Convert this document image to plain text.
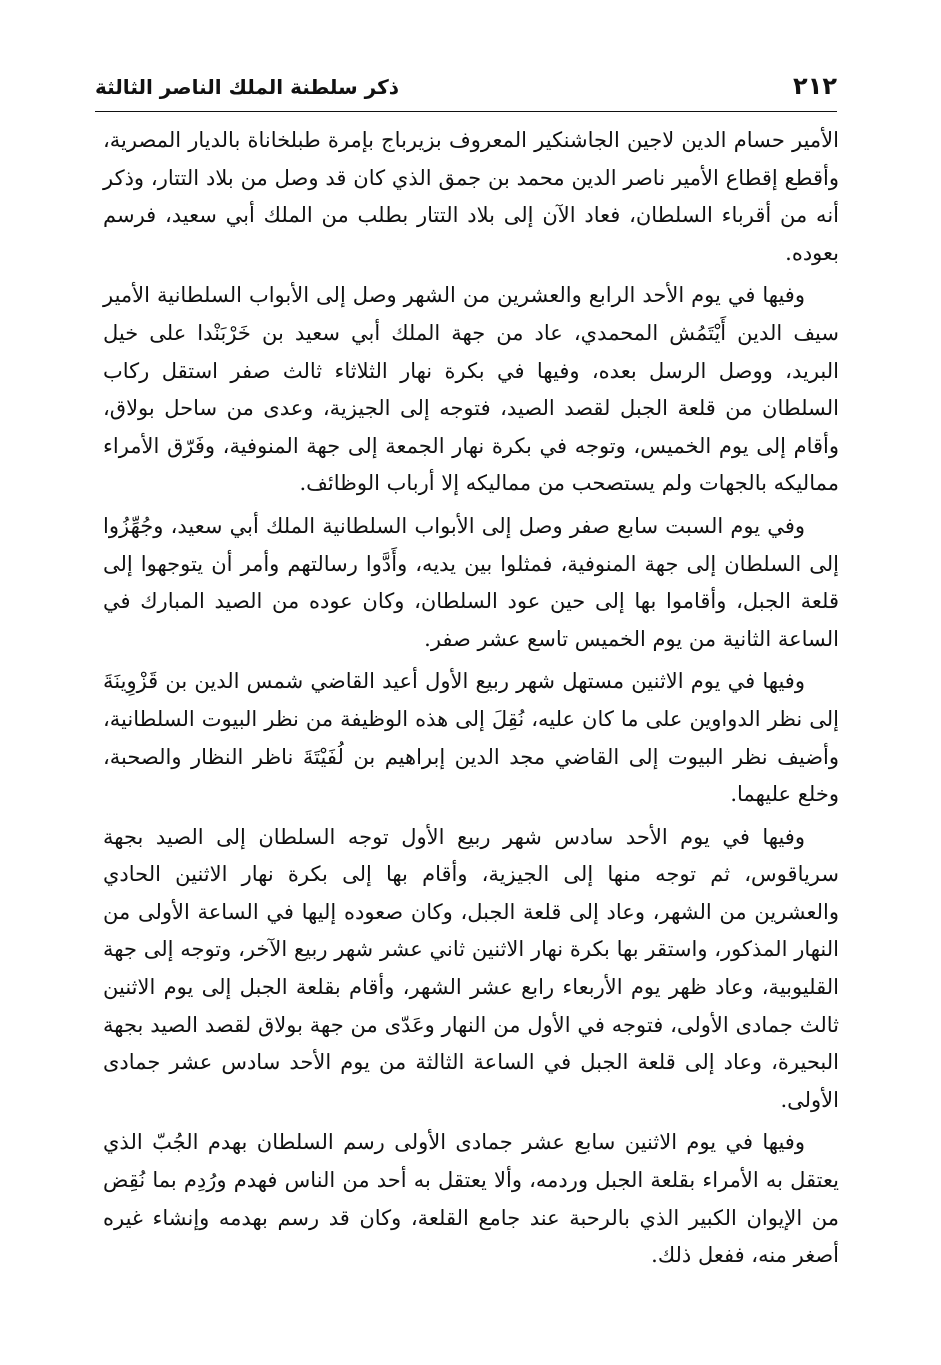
٢١٢
ذكر سلطنة الملك الناصر الثالثة

الأمير حسام الدين لاجين الجاشنكير المعروف بزيرباج بإمرة طبلخاناة بالديار المصرية، وأقطع إقطاع الأمير ناصر الدين محمد بن جمق الذي كان قد وصل من بلاد التتار، وذكر أنه من أقرباء السلطان، فعاد الآن إلى بلاد التتار بطلب من الملك أبي سعيد، فرسم بعوده.

وفيها في يوم الأحد الرابع والعشرين من الشهر وصل إلى الأبواب السلطانية الأمير سيف الدين أَيْتَمُش المحمدي، عاد من جهة الملك أبي سعيد بن خَرْبَنْدا على خيل البريد، ووصل الرسل بعده، وفيها في بكرة نهار الثلاثاء ثالث صفر استقل ركاب السلطان من قلعة الجبل لقصد الصيد، فتوجه إلى الجيزية، وعدى من ساحل بولاق، وأقام إلى يوم الخميس، وتوجه في بكرة نهار الجمعة إلى جهة المنوفية، وفَرّق الأمراء مماليكه بالجهات ولم يستصحب من مماليكه إلا أرباب الوظائف.

وفي يوم السبت سابع صفر وصل إلى الأبواب السلطانية الملك أبي سعيد، وجُهِّزُوا إلى السلطان إلى جهة المنوفية، فمثلوا بين يديه، وأَدَّوا رسالتهم وأمر أن يتوجهوا إلى قلعة الجبل، وأقاموا بها إلى حين عود السلطان، وكان عوده من الصيد المبارك في الساعة الثانية من يوم الخميس تاسع عشر صفر.

وفيها في يوم الاثنين مستهل شهر ربيع الأول أعيد القاضي شمس الدين بن قَزْوِينَةَ إلى نظر الدواوين على ما كان عليه، نُقِلَ إلى هذه الوظيفة من نظر البيوت السلطانية، وأضيف نظر البيوت إلى القاضي مجد الدين إبراهيم بن لُفَيْتَةَ ناظر النظار والصحبة، وخلع عليهما.

وفيها في يوم الأحد سادس شهر ربيع الأول توجه السلطان إلى الصيد بجهة سرياقوس، ثم توجه منها إلى الجيزية، وأقام بها إلى بكرة نهار الاثنين الحادي والعشرين من الشهر، وعاد إلى قلعة الجبل، وكان صعوده إليها في الساعة الأولى من النهار المذكور، واستقر بها بكرة نهار الاثنين ثاني عشر شهر ربيع الآخر، وتوجه إلى جهة القليوبية، وعاد ظهر يوم الأربعاء رابع عشر الشهر، وأقام بقلعة الجبل إلى يوم الاثنين ثالث جمادى الأولى، فتوجه في الأول من النهار وعَدّى من جهة بولاق لقصد الصيد بجهة البحيرة، وعاد إلى قلعة الجبل في الساعة الثالثة من يوم الأحد سادس عشر جمادى الأولى.

وفيها في يوم الاثنين سابع عشر جمادى الأولى رسم السلطان بهدم الجُبّ الذي يعتقل به الأمراء بقلعة الجبل وردمه، وألا يعتقل به أحد من الناس فهدم ورُدِم بما نُقِض من الإيوان الكبير الذي بالرحبة عند جامع القلعة، وكان قد رسم بهدمه وإنشاء غيره أصغر منه، ففعل ذلك.
